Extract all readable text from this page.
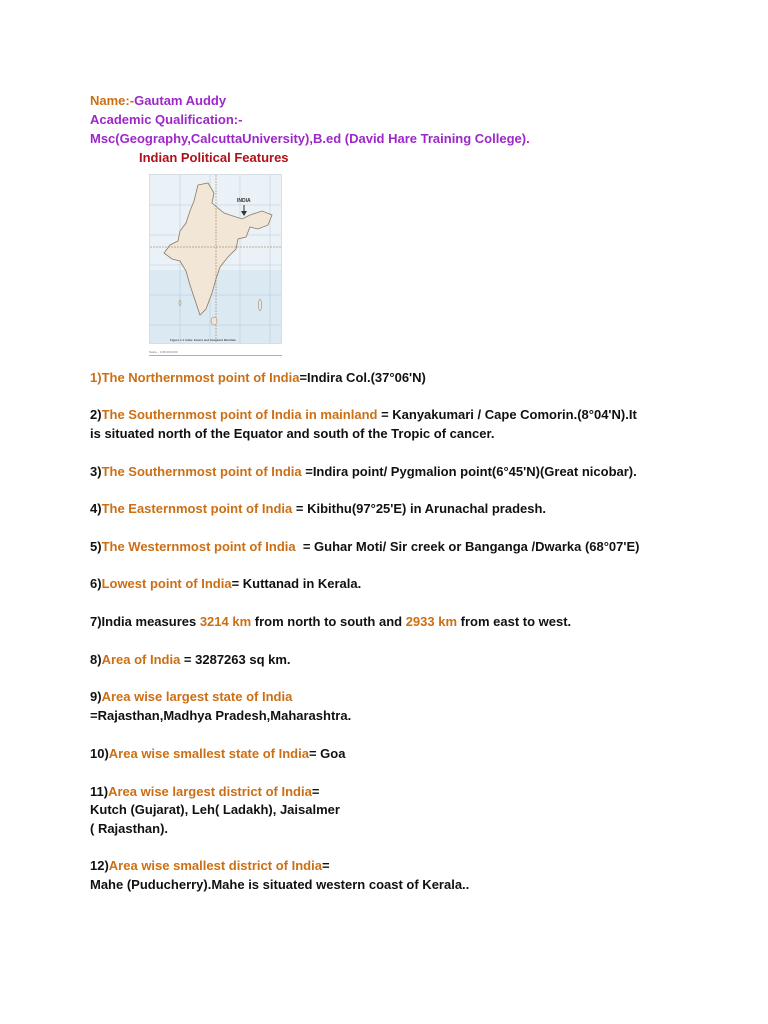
Name:-Gautam Auddy
Academic Qualification:-
Msc(Geography,CalcuttaUniversity),B.ed (David Hare Training College).
Indian Political Features
INDIA
Figure 1.1 India: Extent and Standard Meridian
Scale – 1:80,000,000
1)The Northernmost point of India=Indira Col.(37°06'N)
2)The Southernmost point of India in mainland = Kanyakumari / Cape Comorin.(8°04'N).It
is situated north of the Equator and south of the Tropic of cancer.
3)The Southernmost point of India =Indira point/ Pygmalion point(6°45'N)(Great nicobar).
4)The Easternmost point of India = Kibithu(97°25'E) in Arunachal pradesh.
5)The Westernmost point of India  = Guhar Moti/ Sir creek or Banganga /Dwarka (68°07'E)
6)Lowest point of India= Kuttanad in Kerala.
7)India measures 3214 km from north to south and 2933 km from east to west.
8)Area of India = 3287263 sq km.
9)Area wise largest state of India
=Rajasthan,Madhya Pradesh,Maharashtra.
10)Area wise smallest state of India= Goa
11)Area wise largest district of India=
Kutch (Gujarat), Leh( Ladakh), Jaisalmer
( Rajasthan).
12)Area wise smallest district of India=
Mahe (Puducherry).Mahe is situated western coast of Kerala..
